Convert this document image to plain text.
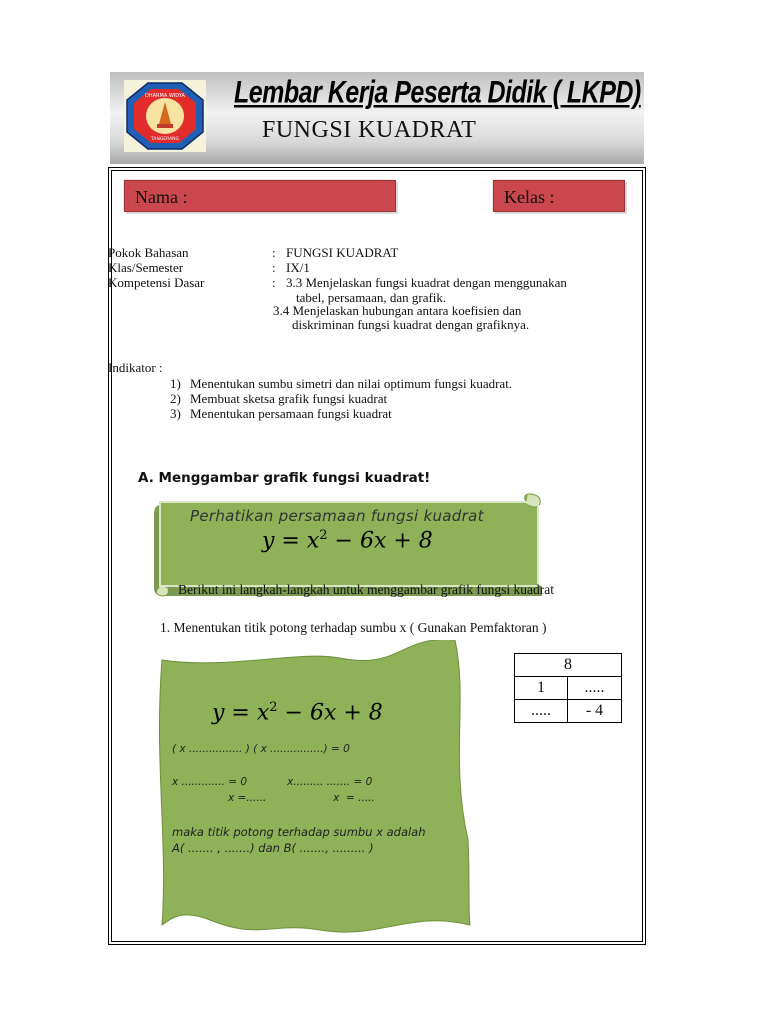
DHARMA WIDYA
TANGERANG
Lembar Kerja Peserta Didik ( LKPD)
FUNGSI KUADRAT
Nama :	Kelas :
Pokok Bahasan	: FUNGSI KUADRAT
Klas/Semester	: IX/1
Kompetensi Dasar	: 3.3 Menjelaskan fungsi kuadrat dengan menggunakan
tabel, persamaan, dan grafik.
3.4 Menjelaskan hubungan antara koefisien dan
diskriminan fungsi kuadrat dengan grafiknya.
Indikator :
1) Menentukan sumbu simetri dan nilai optimum fungsi kuadrat.
2) Membuat sketsa grafik fungsi kuadrat
3) Menentukan persamaan fungsi kuadrat
A. Menggambar grafik fungsi kuadrat!
Perhatikan persamaan fungsi kuadrat
$y = x^2 - 6x + 8$
Berikut ini langkah-langkah untuk menggambar grafik fungsi kuadrat
1. Menentukan titik potong terhadap sumbu x ( Gunakan Pemfaktoran )
$y = x^2 - 6x + 8$
( x ................ ) ( x ................) = 0
x ............. = 0            x......... ....... = 0
x =......                    x  = .....
maka titik potong terhadap sumbu x adalah
A( ....... , .......) dan B( ......., ......... )
8	
1	.....
.....	- 4
